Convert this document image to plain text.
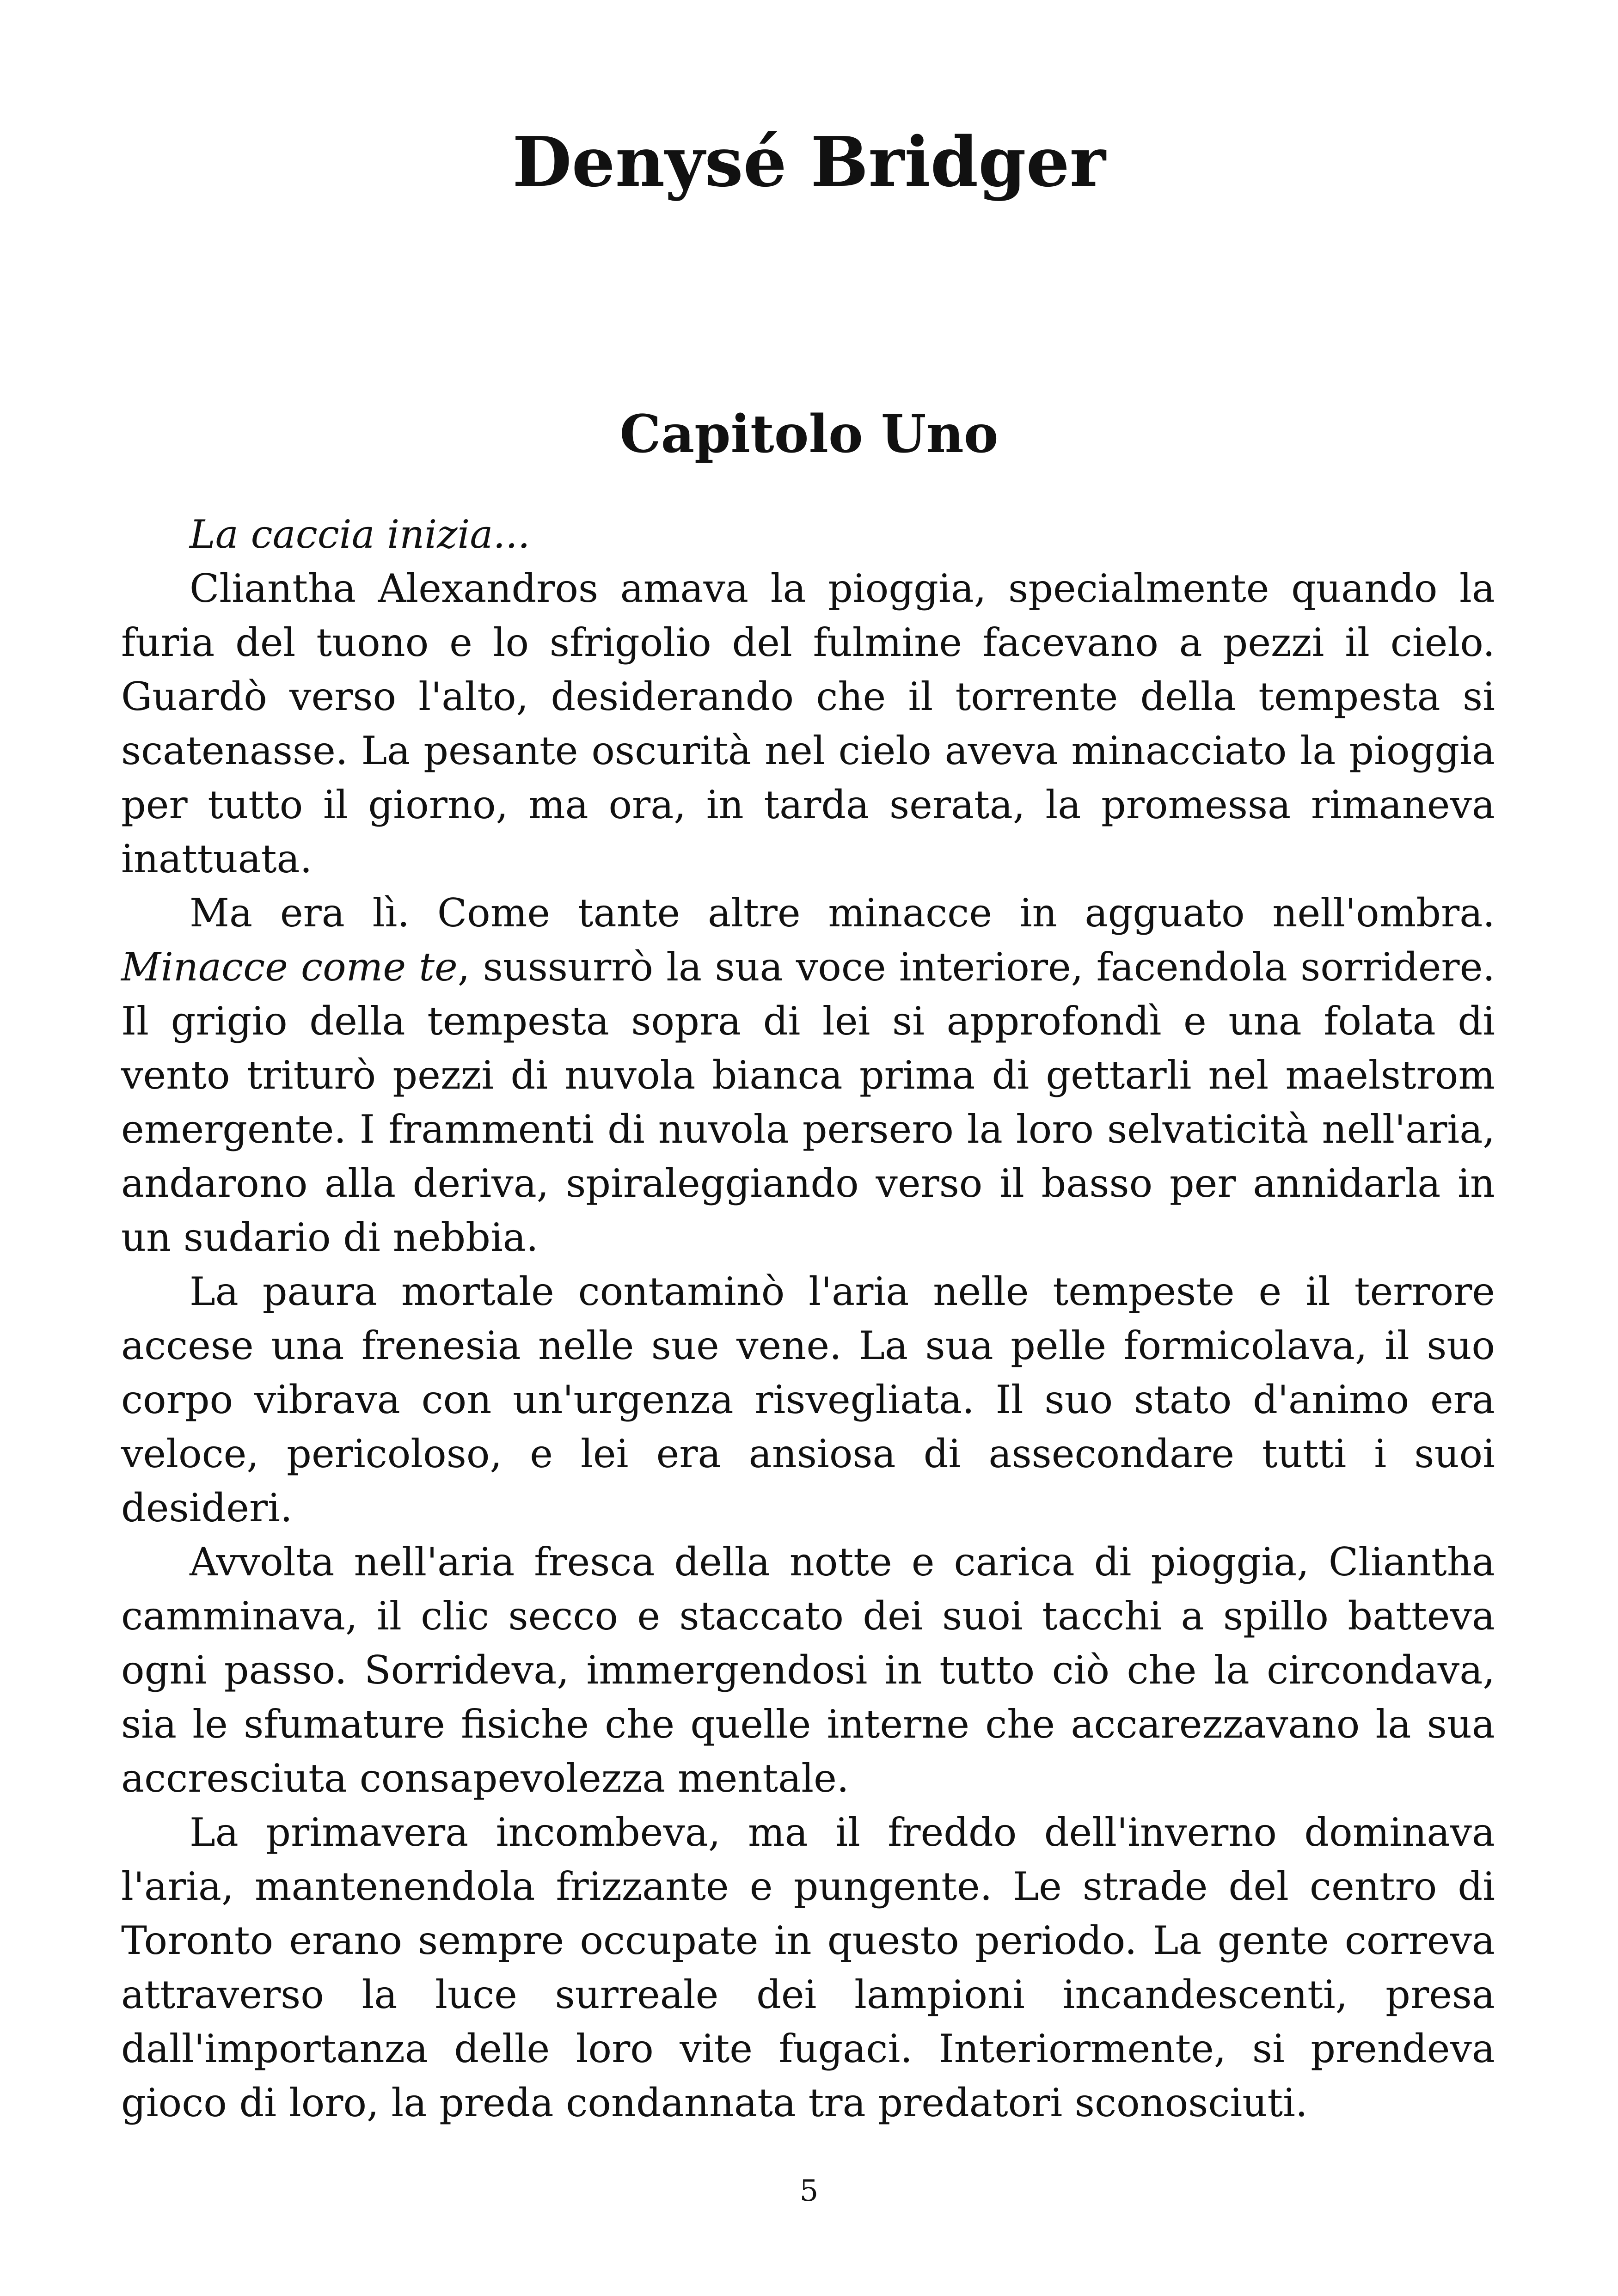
Denysé Bridger
Capitolo Uno

La caccia inizia...

Cliantha Alexandros amava la pioggia, specialmente quando la furia del tuono e lo sfrigolio del fulmine facevano a pezzi il cielo. Guardò verso l'alto, desiderando che il torrente della tempesta si scatenasse. La pesante oscurità nel cielo aveva minacciato la pioggia per tutto il giorno, ma ora, in tarda serata, la promessa rimaneva inattuata.

Ma era lì. Come tante altre minacce in agguato nell'ombra. Minacce come te, sussurrò la sua voce interiore, facendola sorridere. Il grigio della tempesta sopra di lei si approfondì e una folata di vento triturò pezzi di nuvola bianca prima di gettarli nel maelstrom emergente. I frammenti di nuvola persero la loro selvaticità nell'aria, andarono alla deriva, spiraleggiando verso il basso per annidarla in un sudario di nebbia.

La paura mortale contaminò l'aria nelle tempeste e il terrore accese una frenesia nelle sue vene. La sua pelle formicolava, il suo corpo vibrava con un'urgenza risvegliata. Il suo stato d'animo era veloce, pericoloso, e lei era ansiosa di assecondare tutti i suoi desideri.

Avvolta nell'aria fresca della notte e carica di pioggia, Cliantha camminava, il clic secco e staccato dei suoi tacchi a spillo batteva ogni passo. Sorrideva, immergendosi in tutto ciò che la circondava, sia le sfumature fisiche che quelle interne che accarezzavano la sua accresciuta consapevolezza mentale.

La primavera incombeva, ma il freddo dell'inverno dominava l'aria, mantenendola frizzante e pungente. Le strade del centro di Toronto erano sempre occupate in questo periodo. La gente correva attraverso la luce surreale dei lampioni incandescenti, presa dall'importanza delle loro vite fugaci. Interiormente, si prendeva gioco di loro, la preda condannata tra predatori sconosciuti.

5
